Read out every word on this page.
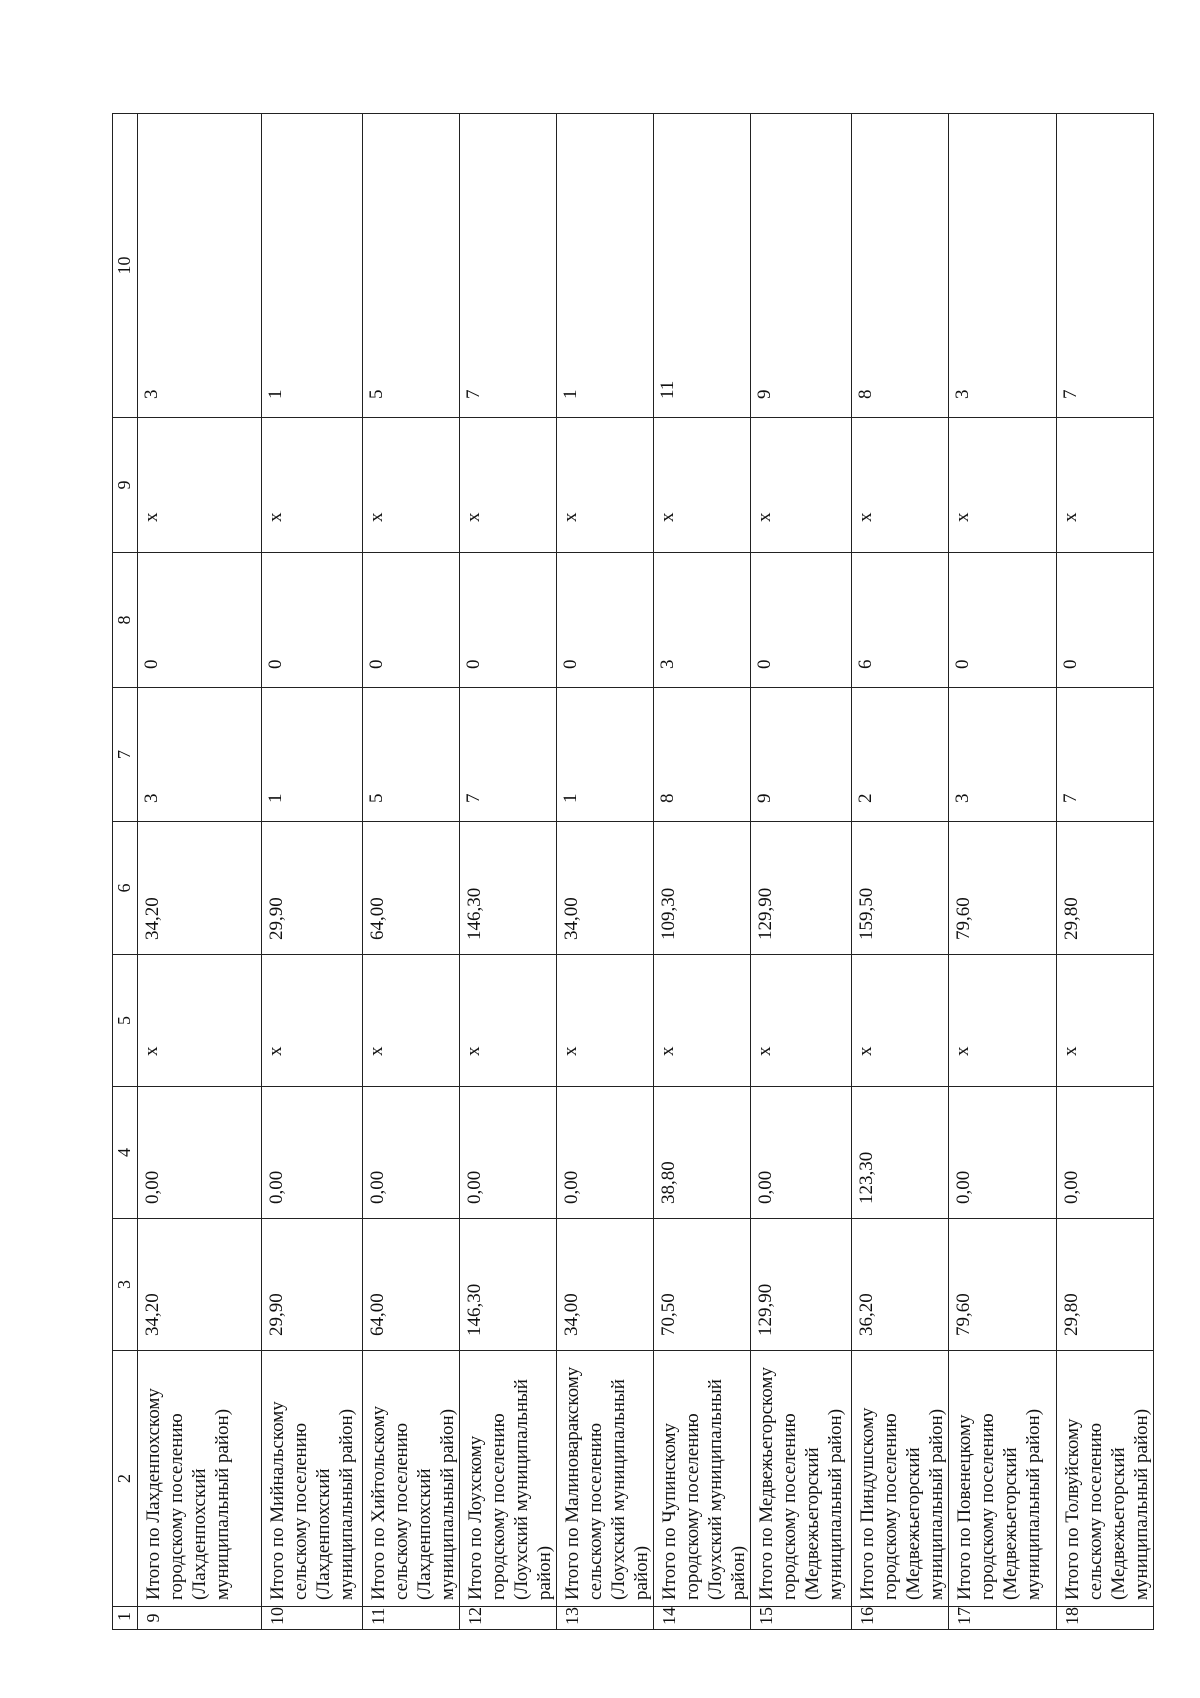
1	2	3	4	5	6	7	8	9	10
9	Итого по Лахденпохскому городскому поселению (Лахденпохский муниципальный район)	34,20	0,00	x	34,20	3	0	x	3
10	Итого по Мийнальскому сельскому поселению (Лахденпохский муниципальный район)	29,90	0,00	x	29,90	1	0	x	1
11	Итого по Хийтольскому сельскому поселению (Лахденпохский муниципальный район)	64,00	0,00	x	64,00	5	0	x	5
12	Итого по Лоухскому городскому поселению (Лоухский муниципальный район)	146,30	0,00	x	146,30	7	0	x	7
13	Итого по Малиноваракскому сельскому поселению (Лоухский муниципальный район)	34,00	0,00	x	34,00	1	0	x	1
14	Итого по Чупинскому городскому поселению (Лоухский муниципальный район)	70,50	38,80	x	109,30	8	3	x	11
15	Итого по Медвежьегорскому городскому поселению (Медвежьегорский муниципальный район)	129,90	0,00	x	129,90	9	0	x	9
16	Итого по Пиндушскому городскому поселению (Медвежьегорский муниципальный район)	36,20	123,30	x	159,50	2	6	x	8
17	Итого по Повенецкому городскому поселению (Медвежьегорский муниципальный район)	79,60	0,00	x	79,60	3	0	x	3
18	Итого по Толвуйскому сельскому поселению (Медвежьегорский муниципальный район)	29,80	0,00	x	29,80	7	0	x	7
